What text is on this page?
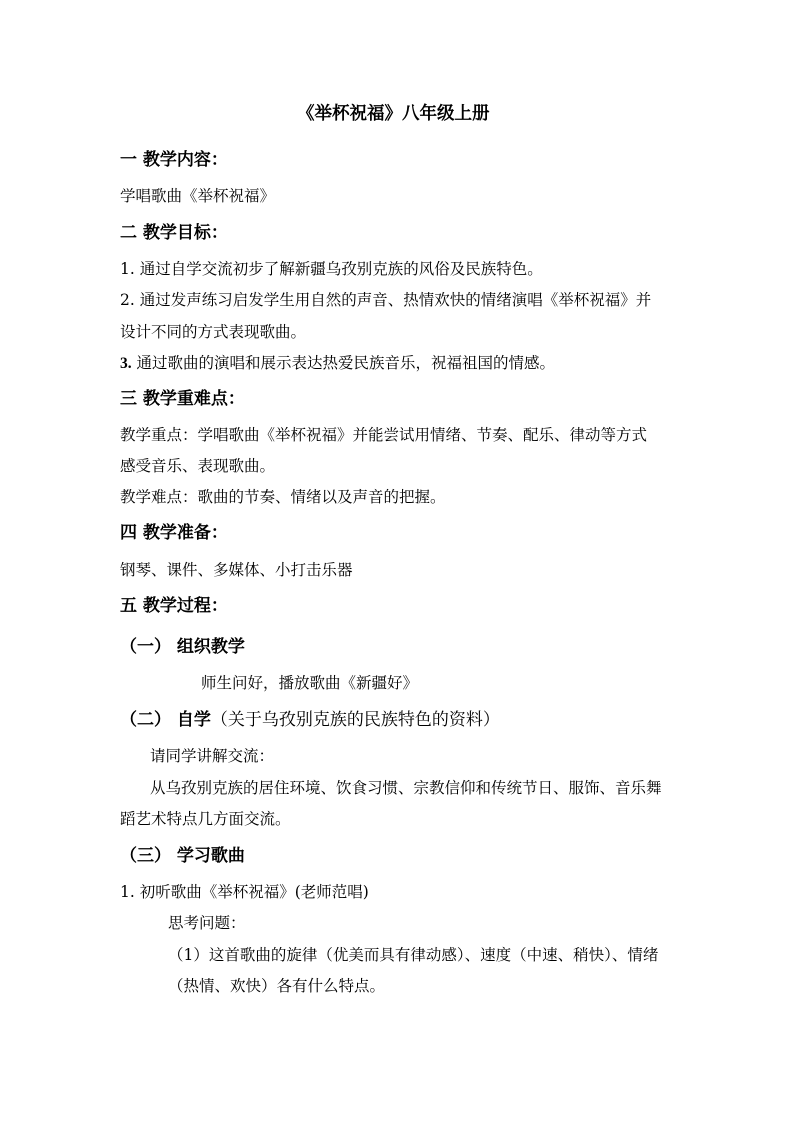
《举杯祝福》八年级上册
一 教学内容：
学唱歌曲《举杯祝福》
二 教学目标：
1. 通过自学交流初步了解新疆乌孜别克族的风俗及民族特色。
2. 通过发声练习启发学生用自然的声音、热情欢快的情绪演唱《举杯祝福》并
设计不同的方式表现歌曲。
3. 通过歌曲的演唱和展示表达热爱民族音乐，祝福祖国的情感。
三 教学重难点：
教学重点：学唱歌曲《举杯祝福》并能尝试用情绪、节奏、配乐、律动等方式
感受音乐、表现歌曲。
教学难点：歌曲的节奏、情绪以及声音的把握。
四 教学准备：
钢琴、课件、多媒体、小打击乐器
五 教学过程：
（一） 组织教学
师生问好，播放歌曲《新疆好》
（二） 自学（关于乌孜别克族的民族特色的资料）
请同学讲解交流：
从乌孜别克族的居住环境、饮食习惯、宗教信仰和传统节日、服饰、音乐舞
蹈艺术特点几方面交流。
（三） 学习歌曲
1. 初听歌曲《举杯祝福》(老师范唱)
思考问题：
（1）这首歌曲的旋律（优美而具有律动感）、速度（中速、稍快）、情绪
（热情、欢快）各有什么特点。
